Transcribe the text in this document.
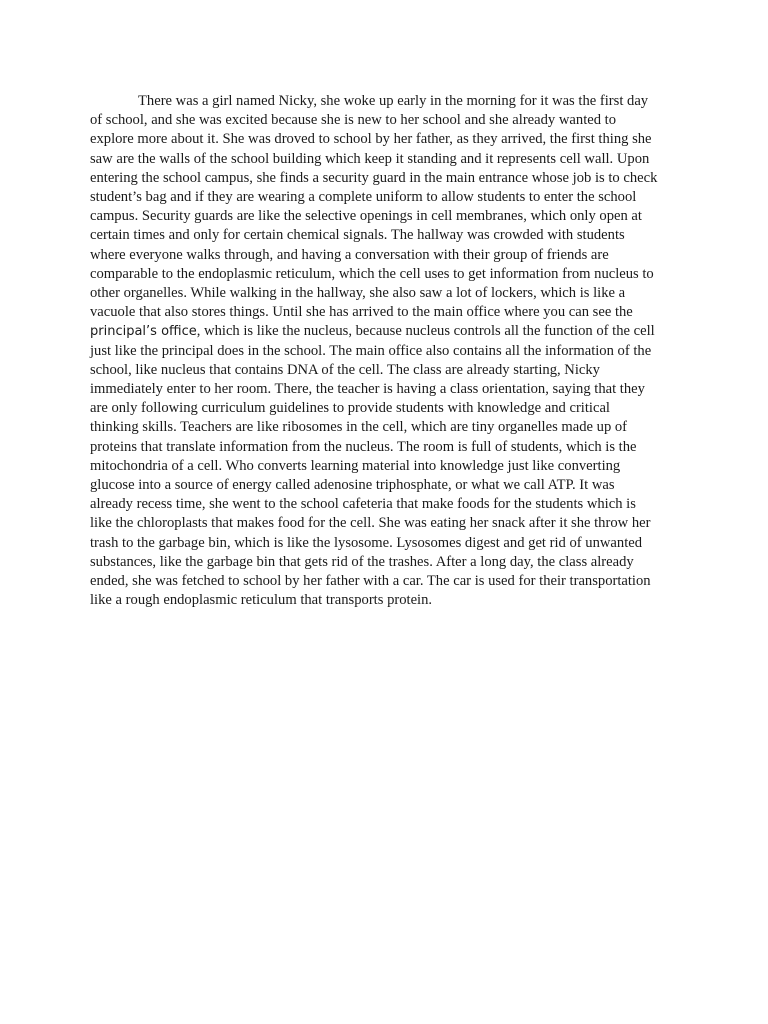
There was a girl named Nicky, she woke up early in the morning for it was the first day
of school, and she was excited because she is new to her school and she already wanted to
explore more about it. She was droved to school by her father, as they arrived, the first thing she
saw are the walls of the school building which keep it standing and it represents cell wall. Upon
entering the school campus, she finds a security guard in the main entrance whose job is to check
student’s bag and if they are wearing a complete uniform to allow students to enter the school
campus. Security guards are like the selective openings in cell membranes, which only open at
certain times and only for certain chemical signals. The hallway was crowded with students
where everyone walks through, and having a conversation with their group of friends are
comparable to the endoplasmic reticulum, which the cell uses to get information from nucleus to
other organelles. While walking in the hallway, she also saw a lot of lockers, which is like a
vacuole that also stores things. Until she has arrived to the main office where you can see the
principal’s office, which is like the nucleus, because nucleus controls all the function of the cell
just like the principal does in the school. The main office also contains all the information of the
school, like nucleus that contains DNA of the cell. The class are already starting, Nicky
immediately enter to her room. There, the teacher is having a class orientation, saying that they
are only following curriculum guidelines to provide students with knowledge and critical
thinking skills. Teachers are like ribosomes in the cell, which are tiny organelles made up of
proteins that translate information from the nucleus. The room is full of students, which is the
mitochondria of a cell. Who converts learning material into knowledge just like converting
glucose into a source of energy called adenosine triphosphate, or what we call ATP. It was
already recess time, she went to the school cafeteria that make foods for the students which is
like the chloroplasts that makes food for the cell. She was eating her snack after it she throw her
trash to the garbage bin, which is like the lysosome. Lysosomes digest and get rid of unwanted
substances, like the garbage bin that gets rid of the trashes. After a long day, the class already
ended, she was fetched to school by her father with a car. The car is used for their transportation
like a rough endoplasmic reticulum that transports protein.
